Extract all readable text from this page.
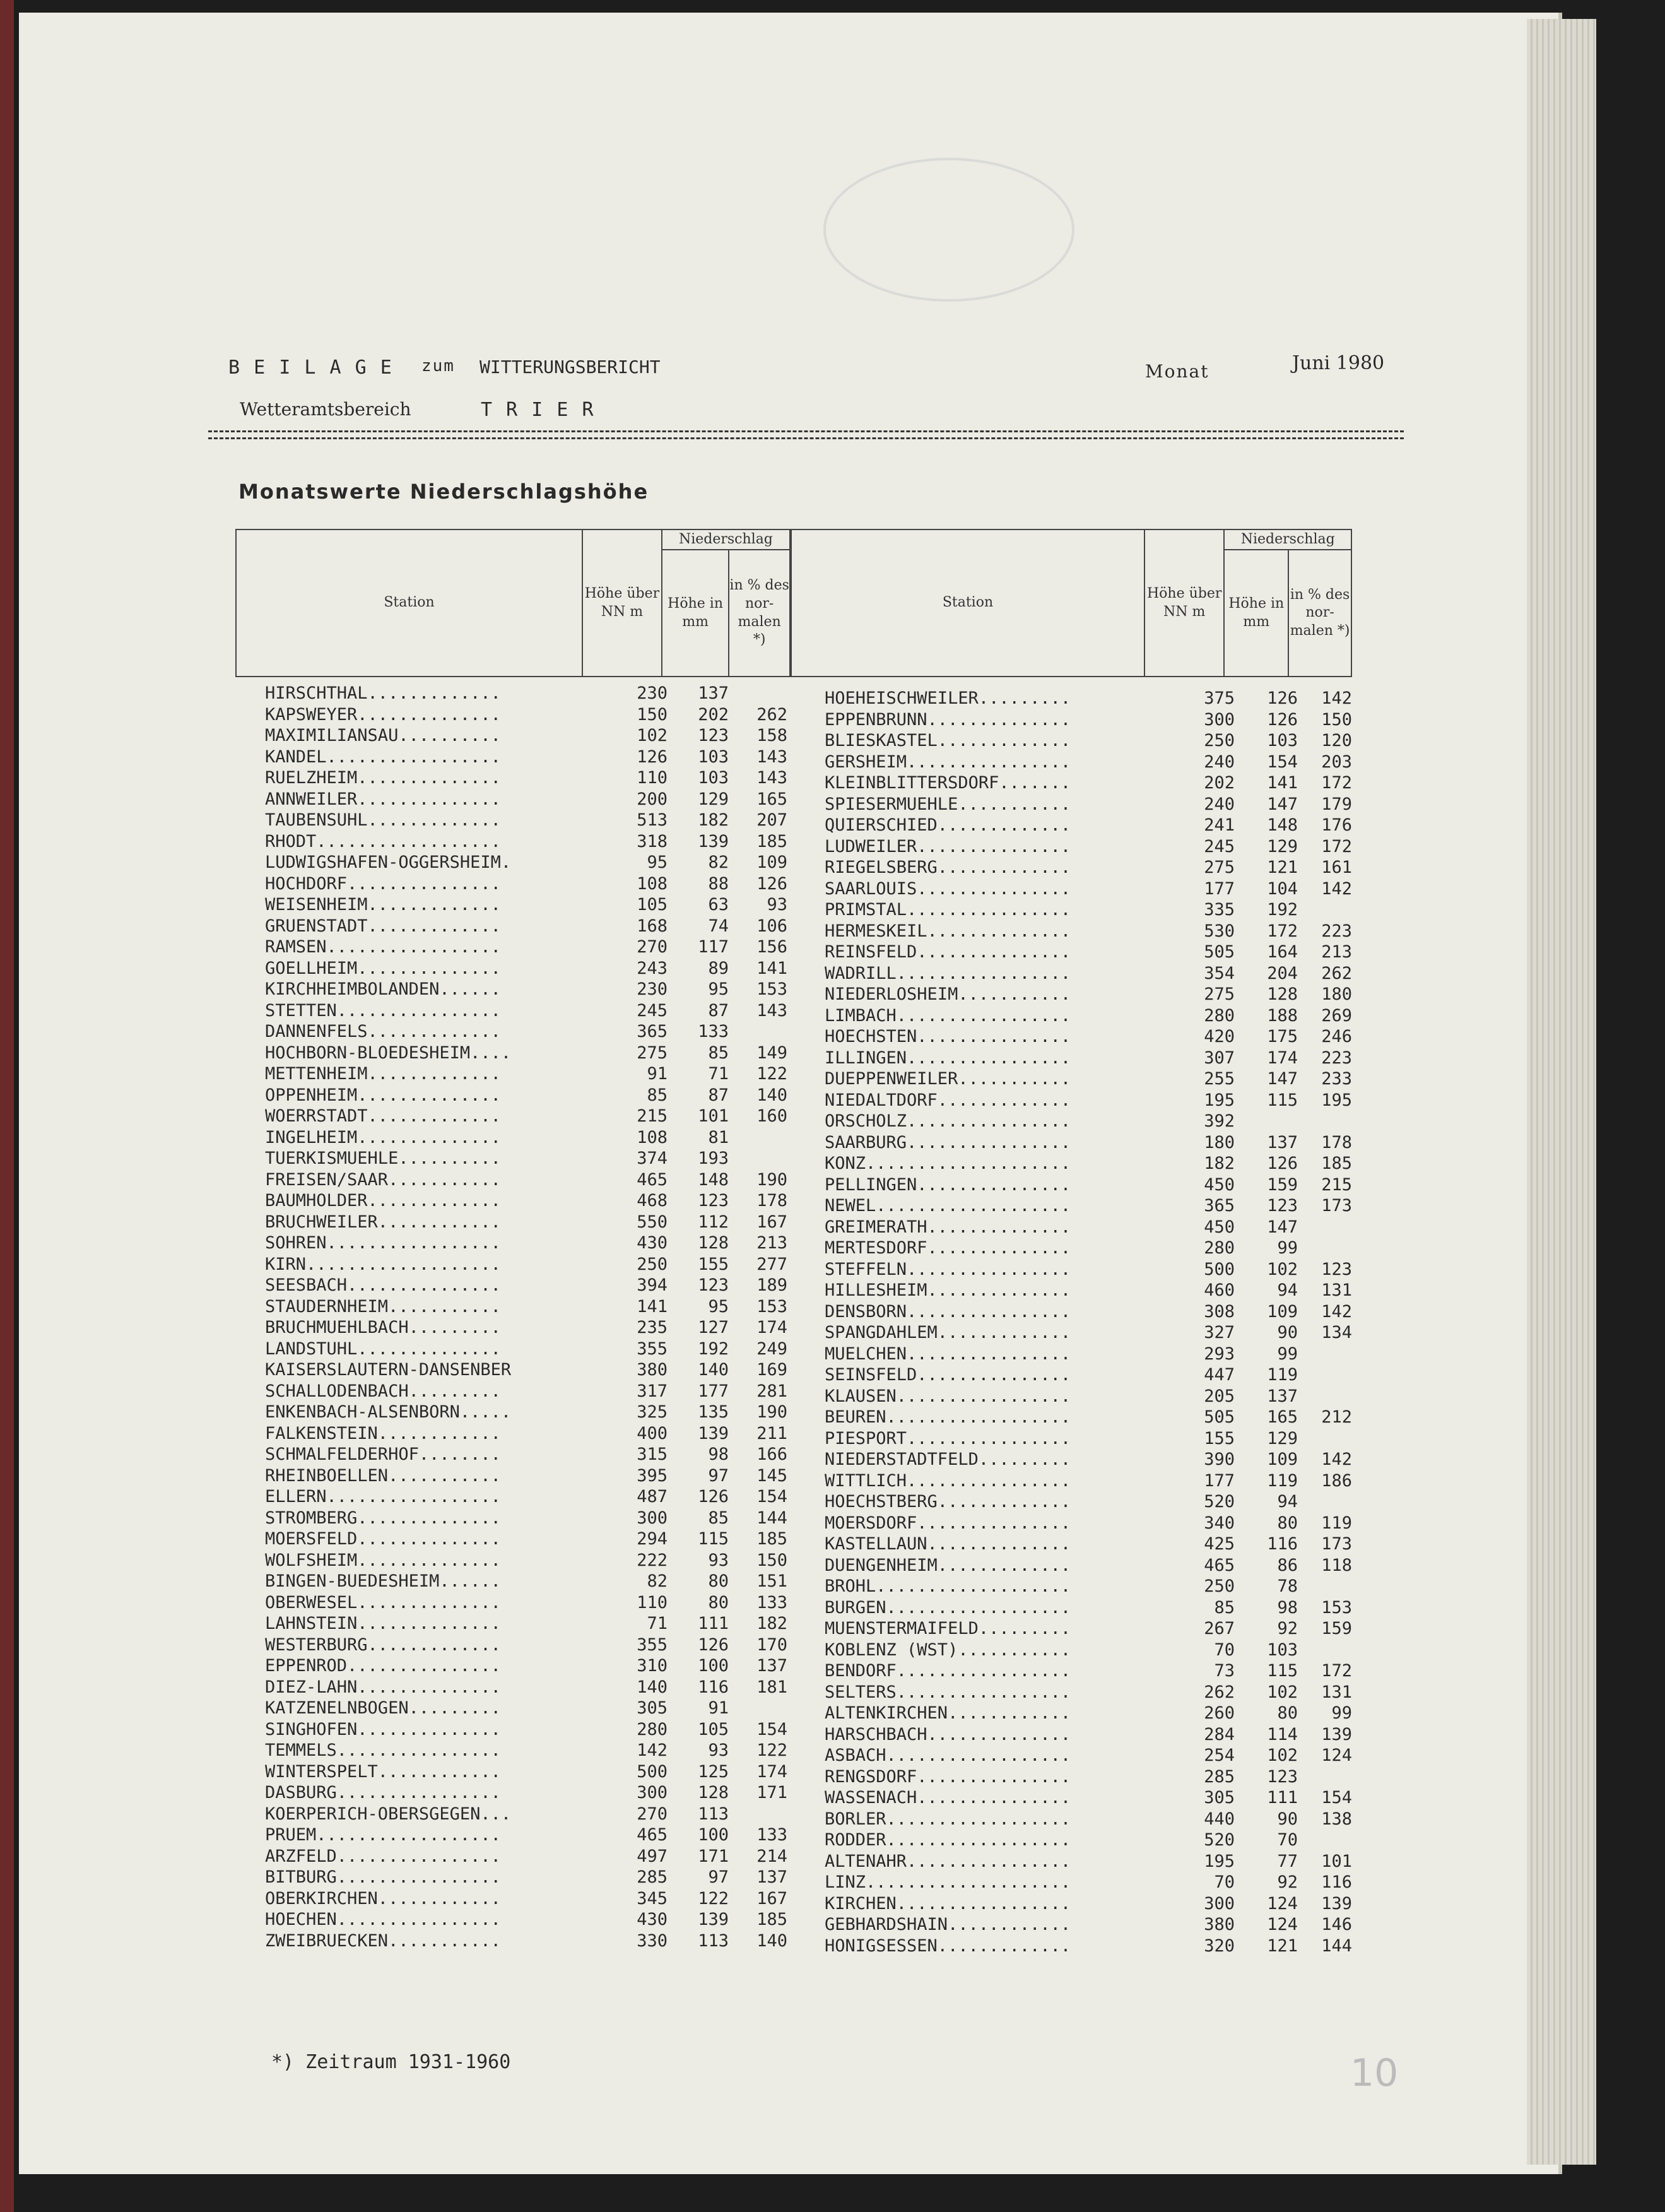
B E I L A G E zum WITTERUNGSBERICHT	Monat	Juni 1980
Wetteramtsbereich	T R I E R
Monatswerte Niederschlagshöhe
Station	Höhe über NN m	Niederschlag	
		Höhe in mm	in % des nor- malen *)
Station	Höhe über NN m	Niederschlag	
		Höhe in mm	in % des nor- malen *)
HIRSCHTHAL.............	230	137
KAPSWEYER..............	150	202	262
MAXIMILIANSAU..........	102	123	158
KANDEL.................	126	103	143
RUELZHEIM..............	110	103	143
ANNWEILER..............	200	129	165
TAUBENSUHL.............	513	182	207
RHODT..................	318	139	185
LUDWIGSHAFEN-OGGERSHEIM.	95	82	109
HOCHDORF...............	108	88	126
WEISENHEIM.............	105	63	93
GRUENSTADT.............	168	74	106
RAMSEN.................	270	117	156
GOELLHEIM..............	243	89	141
KIRCHHEIMBOLANDEN......	230	95	153
STETTEN................	245	87	143
DANNENFELS.............	365	133
HOCHBORN-BLOEDESHEIM....	275	85	149
METTENHEIM.............	91	71	122
OPPENHEIM..............	85	87	140
WOERRSTADT.............	215	101	160
INGELHEIM..............	108	81
TUERKISMUEHLE..........	374	193
FREISEN/SAAR...........	465	148	190
BAUMHOLDER.............	468	123	178
BRUCHWEILER............	550	112	167
SOHREN.................	430	128	213
KIRN...................	250	155	277
SEESBACH...............	394	123	189
STAUDERNHEIM...........	141	95	153
BRUCHMUEHLBACH.........	235	127	174
LANDSTUHL..............	355	192	249
KAISERSLAUTERN-DANSENBER	380	140	169
SCHALLODENBACH.........	317	177	281
ENKENBACH-ALSENBORN.....	325	135	190
FALKENSTEIN............	400	139	211
SCHMALFELDERHOF........	315	98	166
RHEINBOELLEN...........	395	97	145
ELLERN.................	487	126	154
STROMBERG..............	300	85	144
MOERSFELD..............	294	115	185
WOLFSHEIM..............	222	93	150
BINGEN-BUEDESHEIM......	82	80	151
OBERWESEL..............	110	80	133
LAHNSTEIN..............	71	111	182
WESTERBURG.............	355	126	170
EPPENROD...............	310	100	137
DIEZ-LAHN..............	140	116	181
KATZENELNBOGEN.........	305	91
SINGHOFEN..............	280	105	154
TEMMELS................	142	93	122
WINTERSPELT............	500	125	174
DASBURG................	300	128	171
KOERPERICH-OBERSGEGEN...	270	113
PRUEM..................	465	100	133
ARZFELD................	497	171	214
BITBURG................	285	97	137
OBERKIRCHEN............	345	122	167
HOECHEN................	430	139	185
ZWEIBRUECKEN...........	330	113	140
HOEHEISCHWEILER.........	375	126	142
EPPENBRUNN..............	300	126	150
BLIESKASTEL.............	250	103	120
GERSHEIM................	240	154	203
KLEINBLITTERSDORF.......	202	141	172
SPIESERMUEHLE...........	240	147	179
QUIERSCHIED.............	241	148	176
LUDWEILER...............	245	129	172
RIEGELSBERG.............	275	121	161
SAARLOUIS...............	177	104	142
PRIMSTAL................	335	192
HERMESKEIL..............	530	172	223
REINSFELD...............	505	164	213
WADRILL.................	354	204	262
NIEDERLOSHEIM...........	275	128	180
LIMBACH.................	280	188	269
HOECHSTEN...............	420	175	246
ILLINGEN................	307	174	223
DUEPPENWEILER...........	255	147	233
NIEDALTDORF.............	195	115	195
ORSCHOLZ................	392
SAARBURG................	180	137	178
KONZ....................	182	126	185
PELLINGEN...............	450	159	215
NEWEL...................	365	123	173
GREIMERATH..............	450	147
MERTESDORF..............	280	99
STEFFELN................	500	102	123
HILLESHEIM..............	460	94	131
DENSBORN................	308	109	142
SPANGDAHLEM.............	327	90	134
MUELCHEN................	293	99
SEINSFELD...............	447	119
KLAUSEN.................	205	137
BEUREN..................	505	165	212
PIESPORT................	155	129
NIEDERSTADTFELD.........	390	109	142
WITTLICH................	177	119	186
HOECHSTBERG.............	520	94
MOERSDORF...............	340	80	119
KASTELLAUN..............	425	116	173
DUENGENHEIM.............	465	86	118
BROHL...................	250	78
BURGEN..................	85	98	153
MUENSTERMAIFELD.........	267	92	159
KOBLENZ (WST)...........	70	103
BENDORF.................	73	115	172
SELTERS.................	262	102	131
ALTENKIRCHEN............	260	80	99
HARSCHBACH..............	284	114	139
ASBACH..................	254	102	124
RENGSDORF...............	285	123
WASSENACH...............	305	111	154
BORLER..................	440	90	138
RODDER..................	520	70
ALTENAHR................	195	77	101
LINZ....................	70	92	116
KIRCHEN.................	300	124	139
GEBHARDSHAIN............	380	124	146
HONIGSESSEN.............	320	121	144
*) Zeitraum 1931-1960	10
